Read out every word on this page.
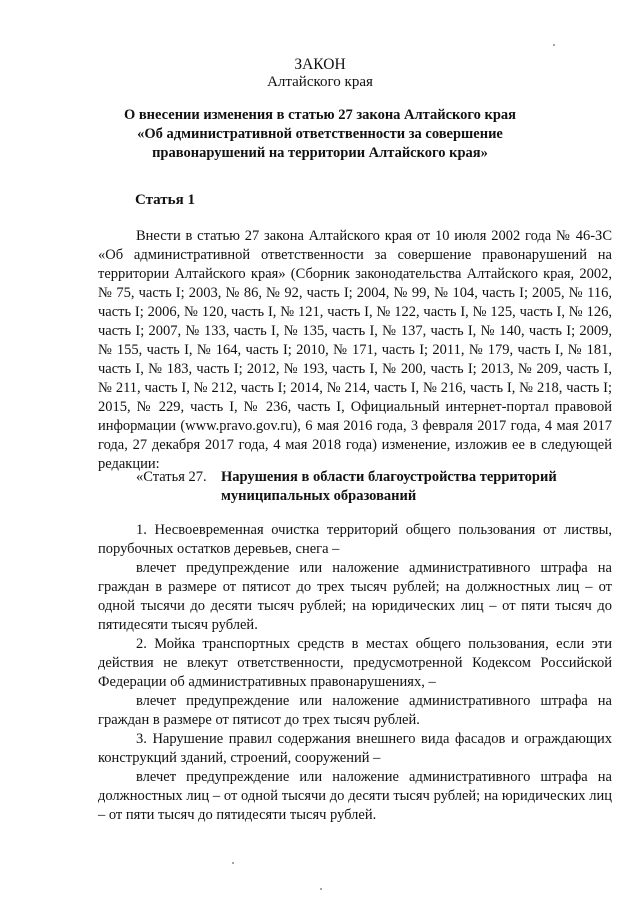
ЗАКОН
Алтайского края
О внесении изменения в статью 27 закона Алтайского края
«Об административной ответственности за совершение
правонарушений на территории Алтайского края»
Статья 1

Внести в статью 27 закона Алтайского края от 10 июля 2002 года № 46-ЗС «Об административной ответственности за совершение правонарушений на территории Алтайского края» (Сборник законодательства Алтайского края, 2002, № 75, часть I; 2003, № 86, № 92, часть I; 2004, № 99, № 104, часть I; 2005, № 116, часть I; 2006, № 120, часть I, № 121, часть I, № 122, часть I, № 125, часть I, № 126, часть I; 2007, № 133, часть I, № 135, часть I, № 137, часть I, № 140, часть I; 2009, № 155, часть I, № 164, часть I; 2010, № 171, часть I; 2011, № 179, часть I, № 181, часть I, № 183, часть I; 2012, № 193, часть I, № 200, часть I; 2013, № 209, часть I, № 211, часть I, № 212, часть I; 2014, № 214, часть I, № 216, часть I, № 218, часть I; 2015, № 229, часть I, № 236, часть I, Официальный интернет-портал правовой информации (www.pravo.gov.ru), 6 мая 2016 года, 3 февраля 2017 года, 4 мая 2017 года, 27 декабря 2017 года, 4 мая 2018 года) изменение, изложив ее в следующей редакции:

«Статья 27. Нарушения в области благоустройства территорий
муниципальных образований

1. Несвоевременная очистка территорий общего пользования от листвы, порубочных остатков деревьев, снега –

влечет предупреждение или наложение административного штрафа на граждан в размере от пятисот до трех тысяч рублей; на должностных лиц – от одной тысячи до десяти тысяч рублей; на юридических лиц – от пяти тысяч до пятидесяти тысяч рублей.

2. Мойка транспортных средств в местах общего пользования, если эти действия не влекут ответственности, предусмотренной Кодексом Российской Федерации об административных правонарушениях, –

влечет предупреждение или наложение административного штрафа на граждан в размере от пятисот до трех тысяч рублей.

3. Нарушение правил содержания внешнего вида фасадов и ограждающих конструкций зданий, строений, сооружений –

влечет предупреждение или наложение административного штрафа на должностных лиц – от одной тысячи до десяти тысяч рублей; на юридических лиц – от пяти тысяч до пятидесяти тысяч рублей.
